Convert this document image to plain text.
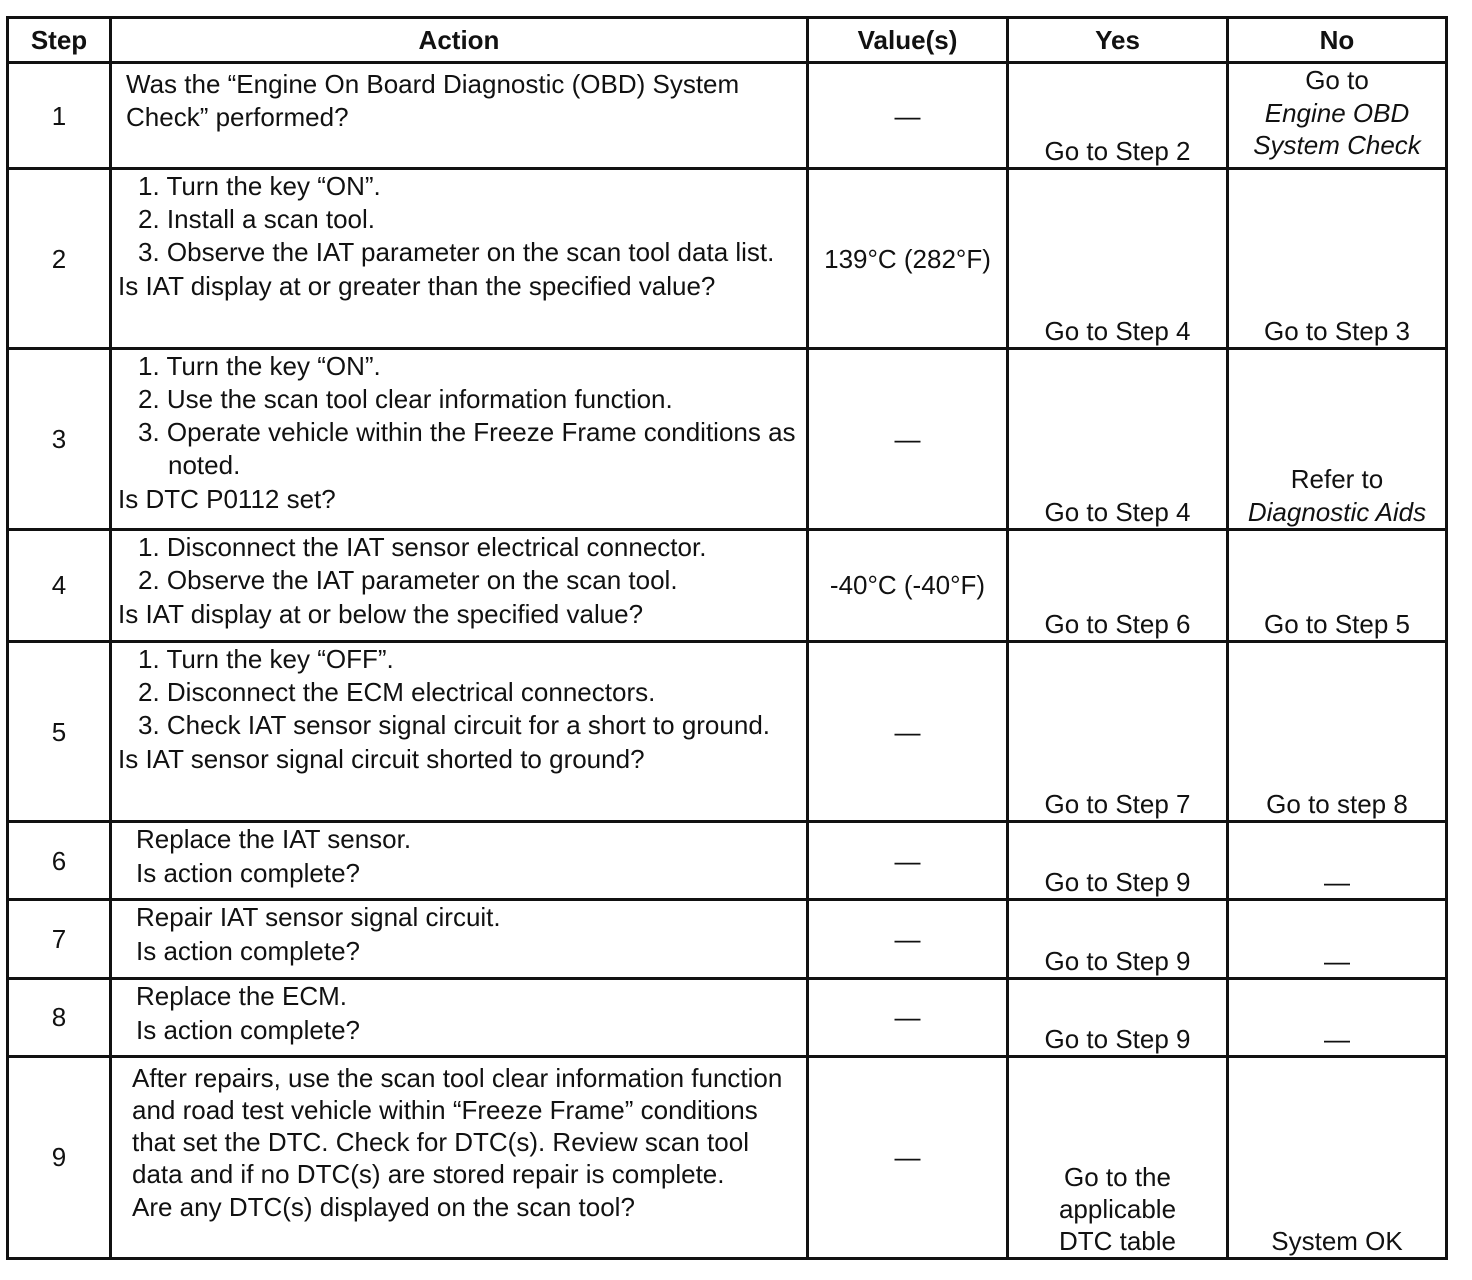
Step	Action	Value(s)	Yes	No
1	Was the “Engine On Board Diagnostic (OBD) System Check” performed?	—	Go to Step 2	Go to
Engine OBD System Check

2	1. Turn the key “ON”.
2. Install a scan tool.
3. Observe the IAT parameter on the scan tool data list.
Is IAT display at or greater than the specified value?	139°C (282°F)	Go to Step 4	Go to Step 3
3	1. Turn the key “ON”.
2. Use the scan tool clear information function.
3. Operate vehicle within the Freeze Frame conditions as noted.
Is DTC P0112 set?	—	Go to Step 4	Refer to
Diagnostic Aids

4	1. Disconnect the IAT sensor electrical connector.
2. Observe the IAT parameter on the scan tool.
Is IAT display at or below the specified value?	-40°C (-40°F)	Go to Step 6	Go to Step 5
5	1. Turn the key “OFF”.
2. Disconnect the ECM electrical connectors.
3. Check IAT sensor signal circuit for a short to ground.
Is IAT sensor signal circuit shorted to ground?	—	Go to Step 7	Go to step 8
6	Replace the IAT sensor.
Is action complete?	—	Go to Step 9	—
7	Repair IAT sensor signal circuit.
Is action complete?	—	Go to Step 9	—
8	Replace the ECM.
Is action complete?	—	Go to Step 9	—
9	After repairs, use the scan tool clear information function and road test vehicle within “Freeze Frame” conditions that set the DTC. Check for DTC(s). Review scan tool data and if no DTC(s) are stored repair is complete.
Are any DTC(s) displayed on the scan tool?	—	Go to the applicable DTC table	System OK
